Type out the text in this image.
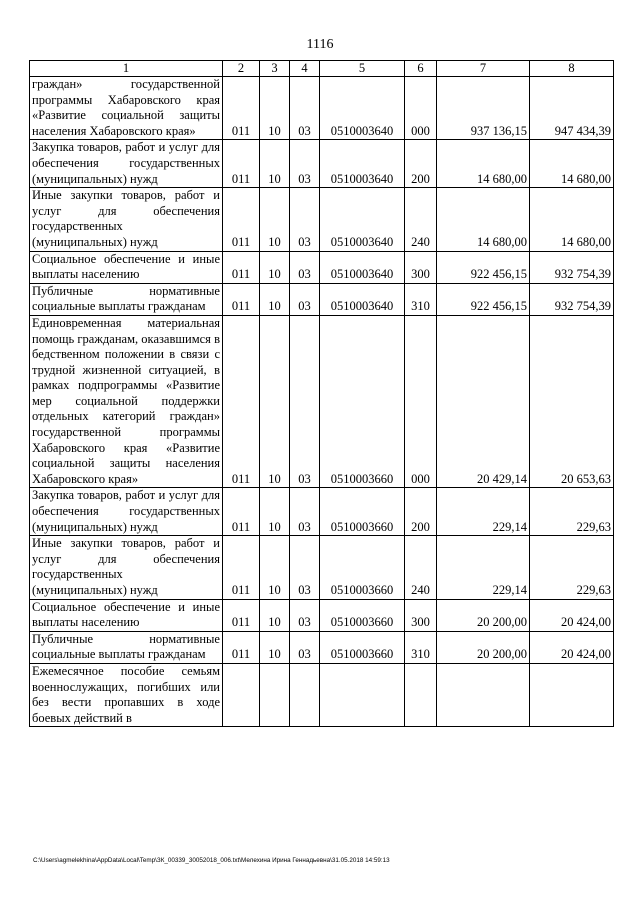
1116
1	2	3	4	5	6	7	8
граждан» государственной программы Хабаровского края «Развитие социальной защиты населения Хабаровского края»	011	10	03	0510003640	000	937 136,15	947 434,39
Закупка товаров, работ и услуг для обеспечения государственных (муниципальных) нужд	011	10	03	0510003640	200	14 680,00	14 680,00
Иные закупки товаров, работ и услуг для обеспечения государственных (муниципальных) нужд	011	10	03	0510003640	240	14 680,00	14 680,00
Социальное обеспечение и иные выплаты населению	011	10	03	0510003640	300	922 456,15	932 754,39
Публичные нормативные социальные выплаты гражданам	011	10	03	0510003640	310	922 456,15	932 754,39
Единовременная материальная помощь гражданам, оказавшимся в бедственном положении в связи с трудной жизненной ситуацией, в рамках подпрограммы «Развитие мер социальной поддержки отдельных категорий граждан» государственной программы Хабаровского края «Развитие социальной защиты населения Хабаровского края»	011	10	03	0510003660	000	20 429,14	20 653,63
Закупка товаров, работ и услуг для обеспечения государственных (муниципальных) нужд	011	10	03	0510003660	200	229,14	229,63
Иные закупки товаров, работ и услуг для обеспечения государственных (муниципальных) нужд	011	10	03	0510003660	240	229,14	229,63
Социальное обеспечение и иные выплаты населению	011	10	03	0510003660	300	20 200,00	20 424,00
Публичные нормативные социальные выплаты гражданам	011	10	03	0510003660	310	20 200,00	20 424,00
Ежемесячное пособие семьям военнослужащих, погибших или без вести пропавших в ходе боевых действий в							
C:\Users\agmelekhina\AppData\Local\Temp\ЗК_00339_30052018_006.txt\Мелехина Ирина Геннадьевна\31.05.2018 14:59:13
